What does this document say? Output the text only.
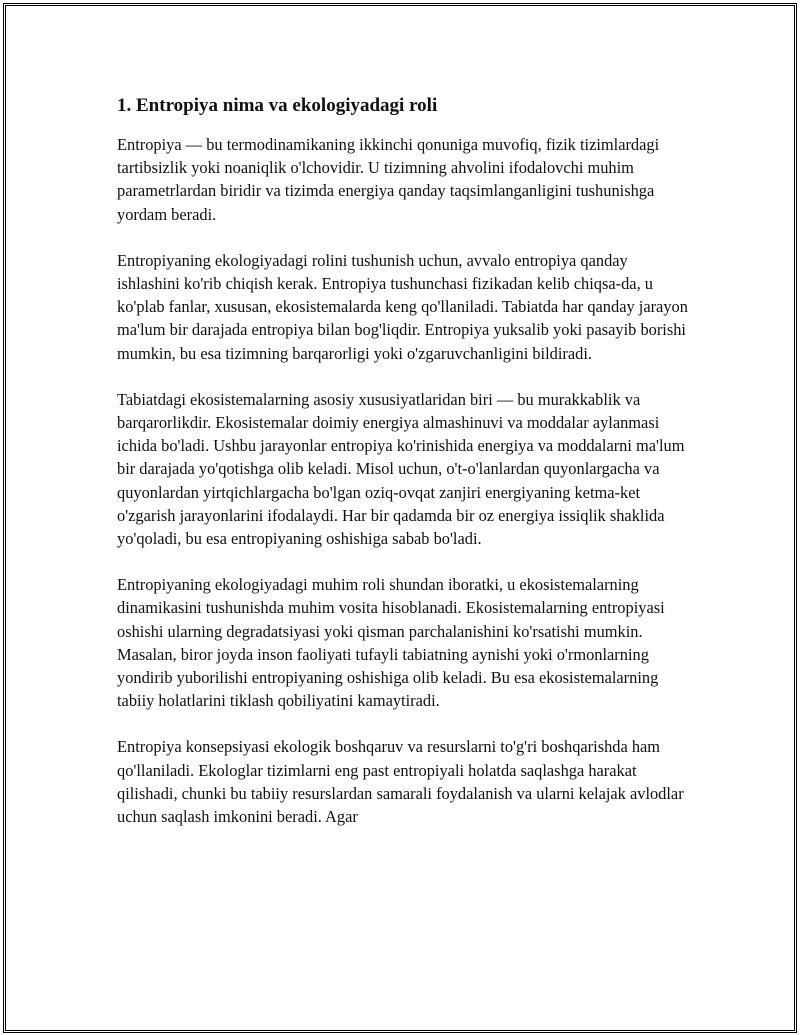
1. Entropiya nima va ekologiyadagi roli

Entropiya — bu termodinamikaning ikkinchi qonuniga muvofiq, fizik tizimlardagi tartibsizlik yoki noaniqlik o'lchovidir. U tizimning ahvolini ifodalovchi muhim parametrlardan biridir va tizimda energiya qanday taqsimlanganligini tushunishga yordam beradi.

Entropiyaning ekologiyadagi rolini tushunish uchun, avvalo entropiya qanday ishlashini ko'rib chiqish kerak. Entropiya tushunchasi fizikadan kelib chiqsa-da, u ko'plab fanlar, xususan, ekosistemalarda keng qo'llaniladi. Tabiatda har qanday jarayon ma'lum bir darajada entropiya bilan bog'liqdir. Entropiya yuksalib yoki pasayib borishi mumkin, bu esa tizimning barqarorligi yoki o'zgaruvchanligini bildiradi.

Tabiatdagi ekosistemalarning asosiy xususiyatlaridan biri — bu murakkablik va barqarorlikdir. Ekosistemalar doimiy energiya almashinuvi va moddalar aylanmasi ichida bo'ladi. Ushbu jarayonlar entropiya ko'rinishida energiya va moddalarni ma'lum bir darajada yo'qotishga olib keladi. Misol uchun, o't-o'lanlardan quyonlargacha va quyonlardan yirtqichlargacha bo'lgan oziq-ovqat zanjiri energiyaning ketma-ket o'zgarish jarayonlarini ifodalaydi. Har bir qadamda bir oz energiya issiqlik shaklida yo'qoladi, bu esa entropiyaning oshishiga sabab bo'ladi.

Entropiyaning ekologiyadagi muhim roli shundan iboratki, u ekosistemalarning dinamikasini tushunishda muhim vosita hisoblanadi. Ekosistemalarning entropiyasi oshishi ularning degradatsiyasi yoki qisman parchalanishini ko'rsatishi mumkin. Masalan, biror joyda inson faoliyati tufayli tabiatning aynishi yoki o'rmonlarning yondirib yuborilishi entropiyaning oshishiga olib keladi. Bu esa ekosistemalarning tabiiy holatlarini tiklash qobiliyatini kamaytiradi.

Entropiya konsepsiyasi ekologik boshqaruv va resurslarni to'g'ri boshqarishda ham qo'llaniladi. Ekologlar tizimlarni eng past entropiyali holatda saqlashga harakat qilishadi, chunki bu tabiiy resurslardan samarali foydalanish va ularni kelajak avlodlar uchun saqlash imkonini beradi. Agar
